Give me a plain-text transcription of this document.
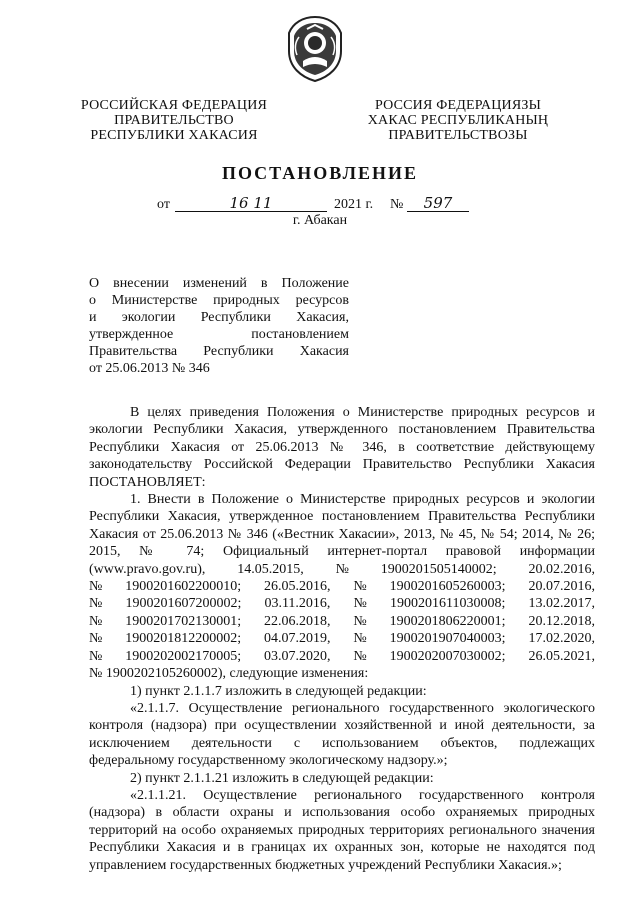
РОССИЙСКАЯ ФЕДЕРАЦИЯ
ПРАВИТЕЛЬСТВО
РЕСПУБЛИКИ ХАКАСИЯ
РОССИЯ ФЕДЕРАЦИЯЗЫ
ХАКАС РЕСПУБЛИКАНЫҢ
ПРАВИТЕЛЬСТВОЗЫ
ПОСТАНОВЛЕНИЕ
от	16 11	2021 г. №	597
г. Абакан
О внесении изменений в Положение
о Министерстве природных ресурсов
и экологии Республики Хакасия,
утвержденное постановлением
Правительства Республики Хакасия
от 25.06.2013 № 346
В целях приведения Положения о Министерстве природных ресурсов и
экологии Республики Хакасия, утвержденного постановлением Правительства
Республики Хакасия от 25.06.2013 № 346, в соответствие действующему
законодательству Российской Федерации Правительство Республики Хакасия
ПОСТАНОВЛЯЕТ:
1. Внести в Положение о Министерстве природных ресурсов и экологии
Республики Хакасия, утвержденное постановлением Правительства Республики
Хакасия от 25.06.2013 № 346 («Вестник Хакасии», 2013, № 45, № 54; 2014, № 26;
2015, № 74; Официальный интернет-портал правовой информации
(www.pravo.gov.ru), 14.05.2015, № 1900201505140002; 20.02.2016,
№ 1900201602200010; 26.05.2016, № 1900201605260003; 20.07.2016,
№ 1900201607200002; 03.11.2016, № 1900201611030008; 13.02.2017,
№ 1900201702130001; 22.06.2018, № 1900201806220001; 20.12.2018,
№ 1900201812200002; 04.07.2019, № 1900201907040003; 17.02.2020,
№ 1900202002170005; 03.07.2020, № 1900202007030002; 26.05.2021,
№ 1900202105260002), следующие изменения:
1) пункт 2.1.1.7 изложить в следующей редакции:
«2.1.1.7. Осуществление регионального государственного экологического
контроля (надзора) при осуществлении хозяйственной и иной деятельности, за
исключением деятельности с использованием объектов, подлежащих
федеральному государственному экологическому надзору.»;
2) пункт 2.1.1.21 изложить в следующей редакции:
«2.1.1.21. Осуществление регионального государственного контроля
(надзора) в области охраны и использования особо охраняемых природных
территорий на особо охраняемых природных территориях регионального значения
Республики Хакасия и в границах их охранных зон, которые не находятся под
управлением государственных бюджетных учреждений Республики Хакасия.»;
